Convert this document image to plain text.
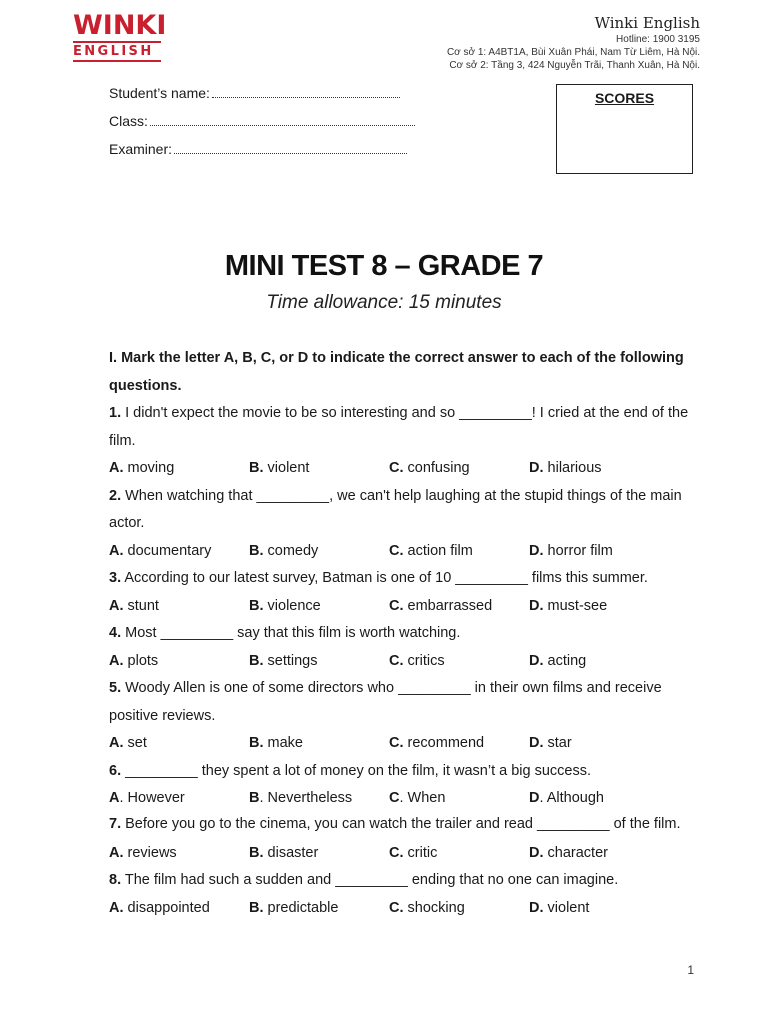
WINKI
ENGLISH
Winki English
Hotline: 1900 3195
Cơ sở 1: A4BT1A, Bùi Xuân Phái, Nam Từ Liêm, Hà Nội.
Cơ sở 2: Tầng 3, 424 Nguyễn Trãi, Thanh Xuân, Hà Nội.
Student’s name:
Class:
Examiner:
SCORES
MINI TEST 8 – GRADE 7
Time allowance: 15 minutes
I. Mark the letter A, B, C, or D to indicate the correct answer to each of the following questions.
1. I didn't expect the movie to be so interesting and so _________! I cried at the end of the film.
A. moving	B. violent	C. confusing	D. hilarious
2. When watching that _________, we can't help laughing at the stupid things of the main actor.
A. documentary	B. comedy	C. action film	D. horror film
3. According to our latest survey, Batman is one of 10 _________ films this summer.
A. stunt	B. violence	C. embarrassed	D. must-see
4. Most _________ say that this film is worth watching.
A. plots	B. settings	C. critics	D. acting
5. Woody Allen is one of some directors who _________ in their own films and receive positive reviews.
A. set	B. make	C. recommend	D. star
6. _________ they spent a lot of money on the film, it wasn’t a big success.
A. However	B. Nevertheless	C. When	D. Although
7. Before you go to the cinema, you can watch the trailer and read _________ of the film.
A. reviews	B. disaster	C. critic	D. character
8. The film had such a sudden and _________ ending that no one can imagine.
A. disappointed	B. predictable	C. shocking	D. violent
1
